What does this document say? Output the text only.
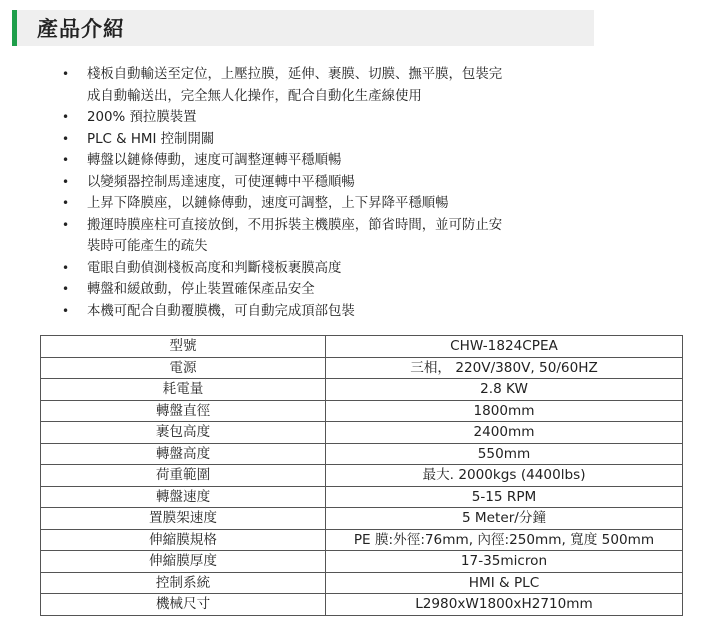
產品介紹
• 棧板自動輸送至定位，上壓拉膜，延伸、裹膜、切膜、撫平膜，包裝完
成自動輸送出，完全無人化操作，配合自動化生產線使用
• 200% 預拉膜裝置
• PLC & HMI 控制開關
• 轉盤以鏈條傳動，速度可調整運轉平穩順暢
• 以變頻器控制馬達速度，可使運轉中平穩順暢
• 上昇下降膜座，以鏈條傳動，速度可調整，上下昇降平穩順暢
• 搬運時膜座柱可直接放倒，不用拆裝主機膜座，節省時間，並可防止安
裝時可能產生的疏失
• 電眼自動偵測棧板高度和判斷棧板裹膜高度
• 轉盤和緩啟動，停止裝置確保產品安全
• 本機可配合自動覆膜機，可自動完成頂部包裝
型號	CHW-1824CPEA
電源	三相， 220V/380V, 50/60HZ
耗電量	2.8 KW
轉盤直徑	1800mm
裹包高度	2400mm
轉盤高度	550mm
荷重範圍	最大. 2000kgs (4400lbs)
轉盤速度	5-15 RPM
置膜架速度	5 Meter/分鐘
伸縮膜規格	PE 膜:外徑:76mm, 內徑:250mm, 寬度 500mm
伸縮膜厚度	17-35micron
控制系統	HMI & PLC
機械尺寸	L2980xW1800xH2710mm
